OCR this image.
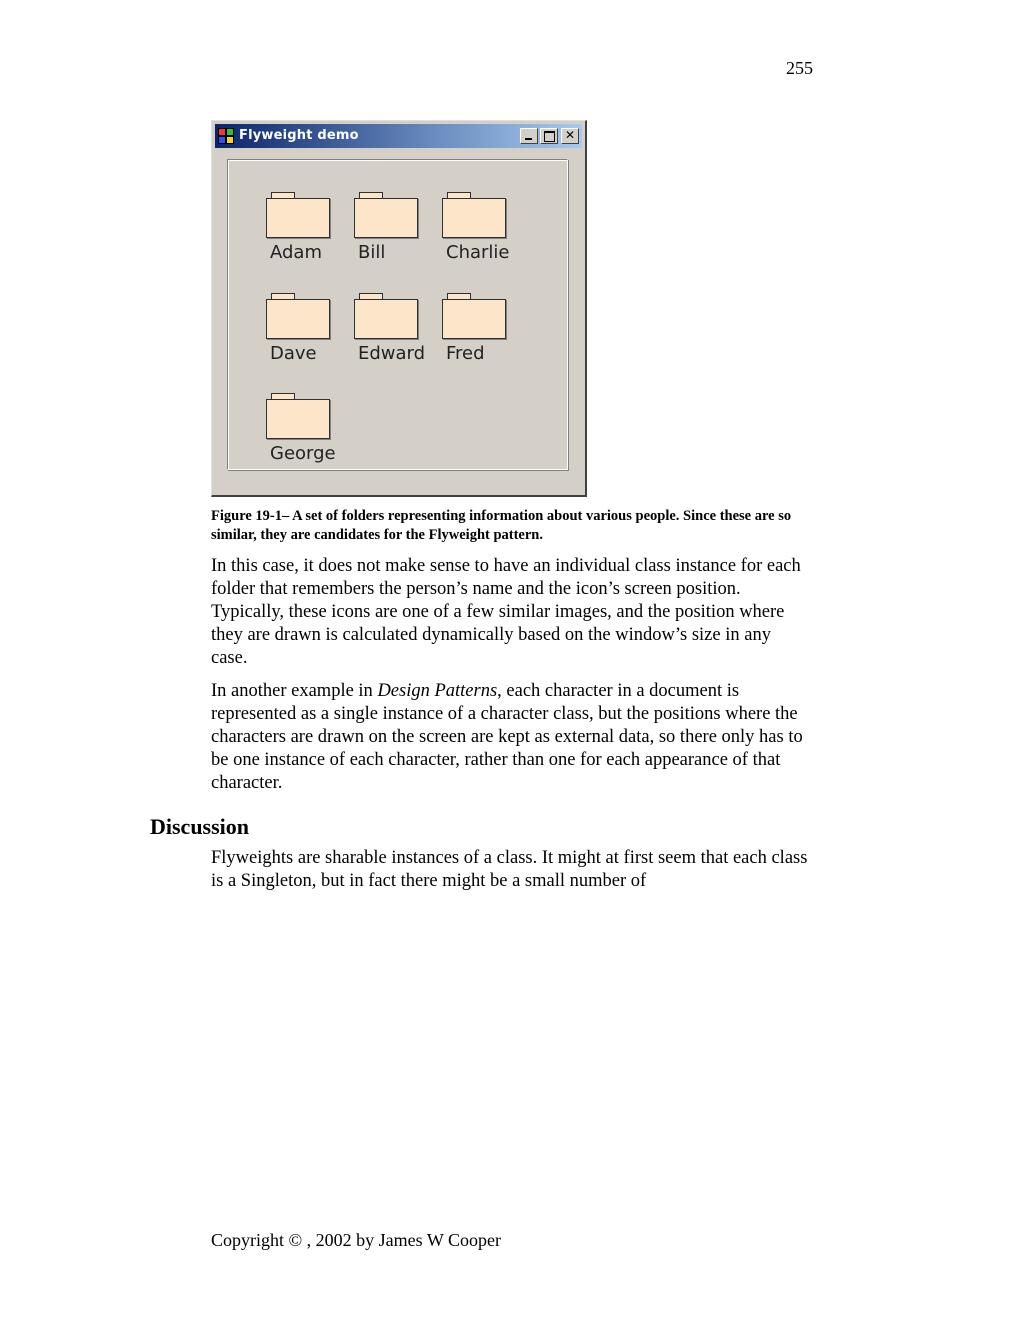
255
Flyweight demo	✕
Adam Bill	Charlie
Dave Edward Fred
George
Figure 19-1– A set of folders representing information about various people. Since these are so similar, they are candidates for the Flyweight pattern.

In this case, it does not make sense to have an individual class instance for each folder that remembers the person’s name and the icon’s screen position. Typically, these icons are one of a few similar images, and the position where they are drawn is calculated dynamically based on the window’s size in any case.

In another example in Design Patterns, each character in a document is represented as a single instance of a character class, but the positions where the characters are drawn on the screen are kept as external data, so there only has to be one instance of each character, rather than one for each appearance of that character.

Discussion

Flyweights are sharable instances of a class. It might at first seem that each class is a Singleton, but in fact there might be a small number of

Copyright © , 2002 by James W Cooper
